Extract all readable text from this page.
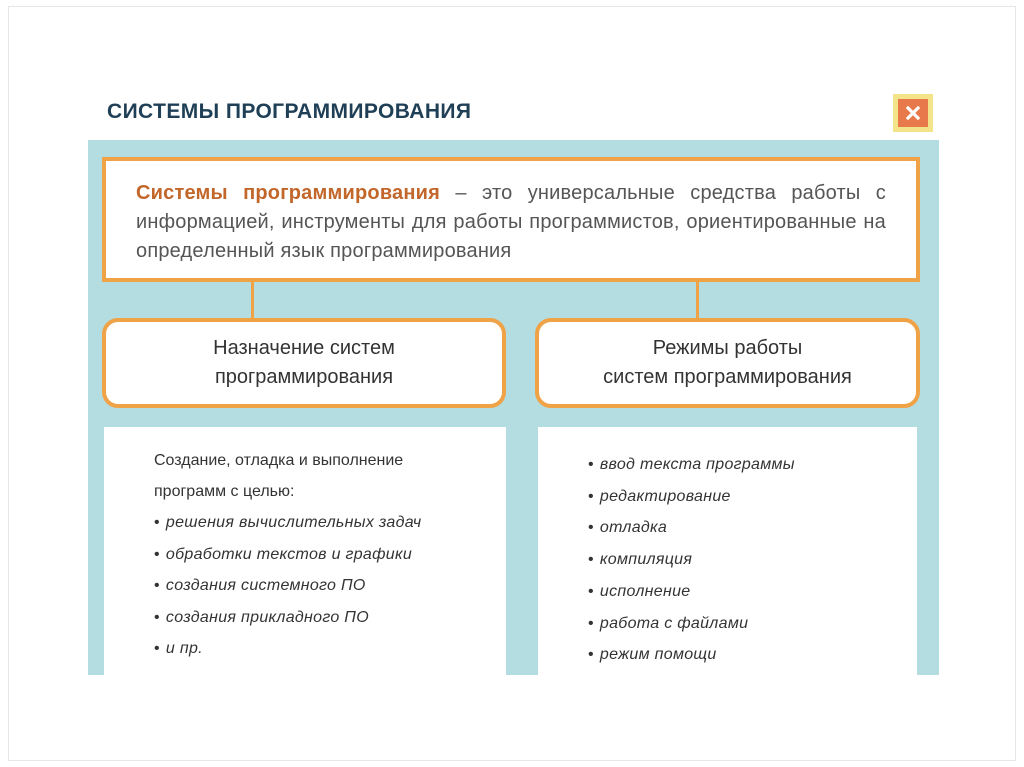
СИСТЕМЫ ПРОГРАММИРОВАНИЯ
Системы программирования – это универсальные средства работы с информацией, инструменты для работы программистов, ориентированные на определенный язык программирования
Назначение систем
программирования
Режимы работы
систем программирования
Создание, отладка и выполнение
программ с целью:
• решения вычислительных задач
• обработки текстов и графики
• создания системного ПО
• создания прикладного ПО
• и пр.
• ввод текста программы
• редактирование
• отладка
• компиляция
• исполнение
• работа с файлами
• режим помощи
